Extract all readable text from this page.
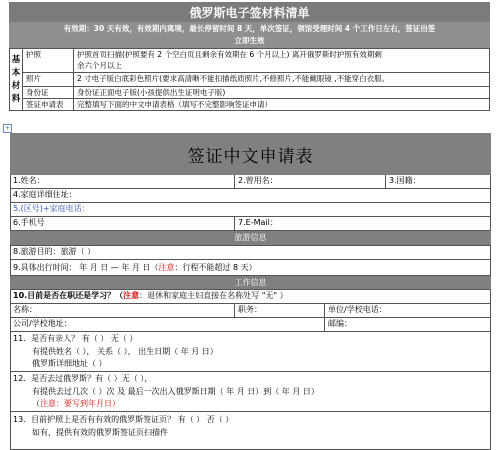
俄罗斯电子签材料清单
有效期：30 天有效，有效期内离境，最长停留时间 8 天，单次签证，领馆受理时间 4 个工作日左右，签证出签
立即生效
基本材料	护照	护照首页扫描(护照要有 2 个空白页且剩余有效期在 6 个月以上) 离开俄罗斯时护照有效期剩
余六个月以上

	照片	2 寸电子版白底彩色照片(要求高清晰不能扣描纸质照片,不修照片,不能戴眼镜 ,不能穿白衣服。
	身份证	身份证正面电子版(小孩提供出生证明电子版)
	签证申请表	完整填写下面的中文申请表格（填写不完整影响签证申请）
+
签证中文申请表
1.姓名：	2.曾用名：	3.国籍：
4.家庭详细住址：
5.(区号)+家庭电话：
6.手机号	7.E-Mail：
旅游信息
8.旅游目的：旅游（ ）
9.具体出行时间： 年 月 日 — 年 月 日（注意：行程不能超过 8 天）
工作信息
10.目前是否在职还是学习？（注意：退休和家庭主妇直接在名称处写 "无" ）
名称：	职务：	单位/学校电话：
公司/学校地址：	邮编：
11．是否有亲人？ 有（ ） 无（ ）
有提供姓名（ ）， 关系（ ）， 出生日期（ 年 月 日）
俄罗斯详细地址（ ）
12．是否去过俄罗斯？有（ ）无（ ），
有提供去过几次（ ）次 及 最后一次出入俄罗斯日期（ 年 月 日）到（ 年 月 日）
（注意：要写到年月日）
13．目前护照上是否有有效的俄罗斯签证页？ 有（ ） 否（ ）
如有，提供有效的俄罗斯签证页扫描件
